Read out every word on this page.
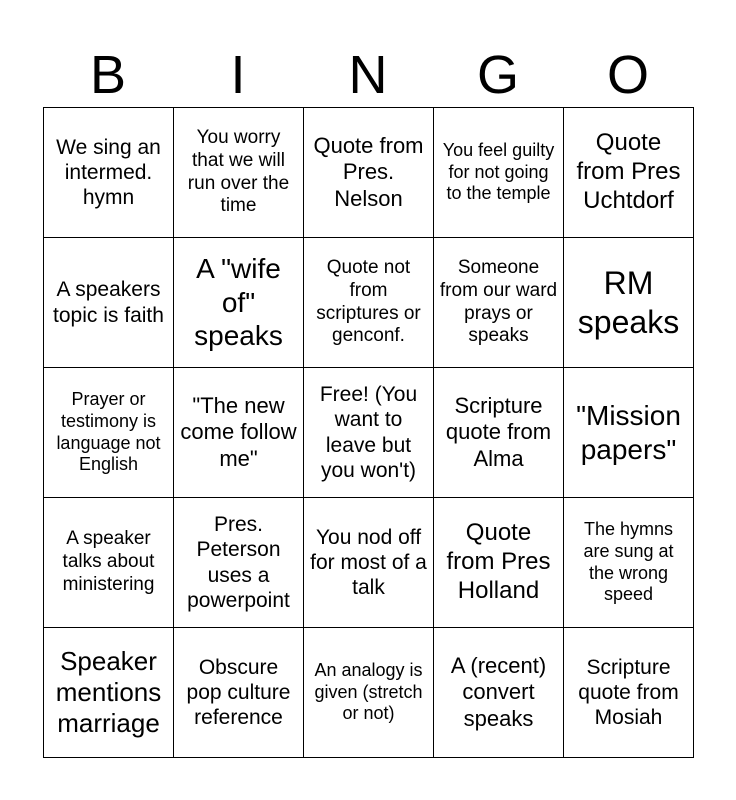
B	I	N	G	O
We sing an intermed. hymn	You worry that we will run over the time	Quote from Pres. Nelson	You feel guilty for not going to the temple	Quote from Pres Uchtdorf
A speakers topic is faith	A "wife of" speaks	Quote not from scriptures or genconf.	Someone from our ward prays or speaks	RM speaks
Prayer or testimony is language not English	"The new come follow me"	Free! (You want to leave but you won't)	Scripture quote from Alma	"Mission papers"
A speaker talks about ministering	Pres. Peterson uses a powerpoint	You nod off for most of a talk	Quote from Pres Holland	The hymns are sung at the wrong speed
Speaker mentions marriage	Obscure pop culture reference	An analogy is given (stretch or not)	A (recent) convert speaks	Scripture quote from Mosiah
